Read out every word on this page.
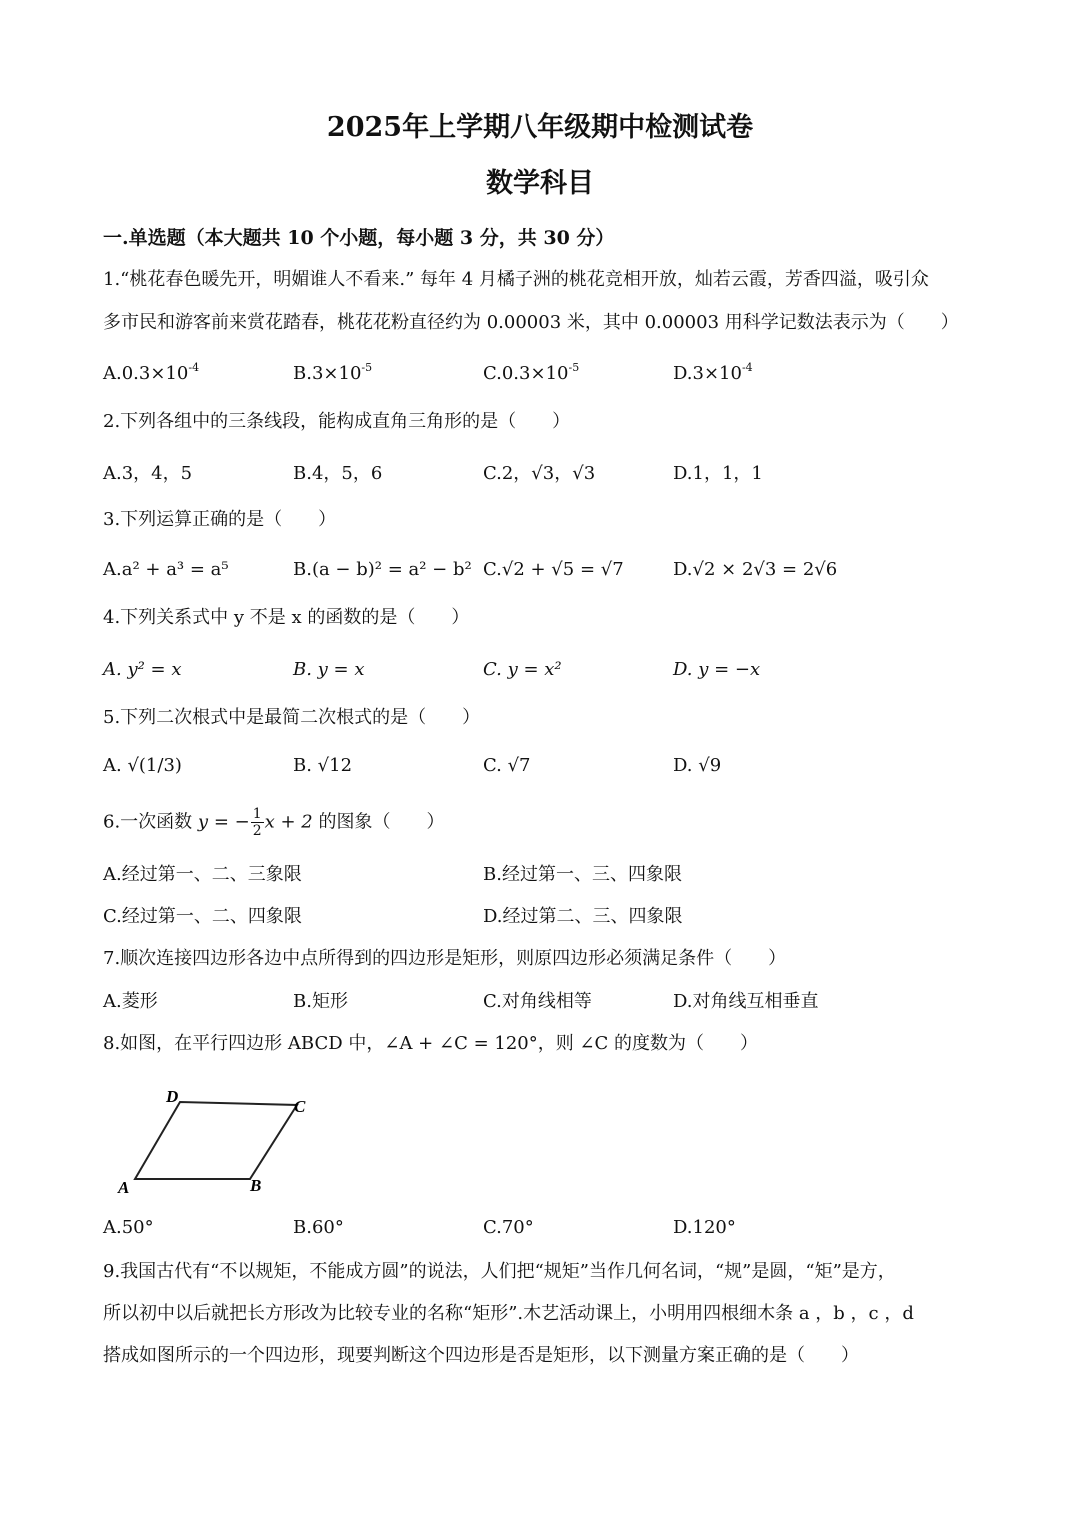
2025年上学期八年级期中检测试卷
数学科目
一.单选题（本大题共 10 个小题，每小题 3 分，共 30 分）
1.“桃花春色暖先开，明媚谁人不看来.” 每年 4 月橘子洲的桃花竞相开放，灿若云霞，芳香四溢，吸引众
多市民和游客前来赏花踏春，桃花花粉直径约为 0.00003 米，其中 0.00003 用科学记数法表示为（　　）
$A.0.3\times 10^{-4}$	$B.3\times 10^{-5}$	$C.0.3\times 10^{-5}$	$D.3\times 10^{-4}$
2.下列各组中的三条线段，能构成直角三角形的是（　　）
A.3，4，5	B.4，5，6	C.2，√3，√3	D.1，1，1
3.下列运算正确的是（　　）
A.a² + a³ = a⁵	B.(a − b)² = a² − b² C.√2 + √5 = √7	D.√2 × 2√3 = 2√6
4.下列关系式中 y 不是 x 的函数的是（　　）
A. y² = x	B. y = x	C. y = x²	D. y = −x
5.下列二次根式中是最简二次根式的是（　　）
A. √(1/3)	B. √12	C. √7	D. √9
6.一次函数 y = − $\frac{1}{2}$ x + 2 的图象（　　）
A.经过第一、二、三象限	B.经过第一、三、四象限
C.经过第一、二、四象限	D.经过第二、三、四象限
7.顺次连接四边形各边中点所得到的四边形是矩形，则原四边形必须满足条件（　　）
A.菱形	B.矩形	C.对角线相等	D.对角线互相垂直
8.如图，在平行四边形 ABCD 中，∠A + ∠C = 120°，则 ∠C 的度数为（　　）
A	B
C
D
A.50°	B.60°	C.70°	D.120°
9.我国古代有“不以规矩，不能成方圆”的说法，人们把“规矩”当作几何名词，“规”是圆，“矩”是方，
所以初中以后就把长方形改为比较专业的名称“矩形”.木艺活动课上，小明用四根细木条 a ，b ，c ，d
搭成如图所示的一个四边形，现要判断这个四边形是否是矩形，以下测量方案正确的是（　　）
